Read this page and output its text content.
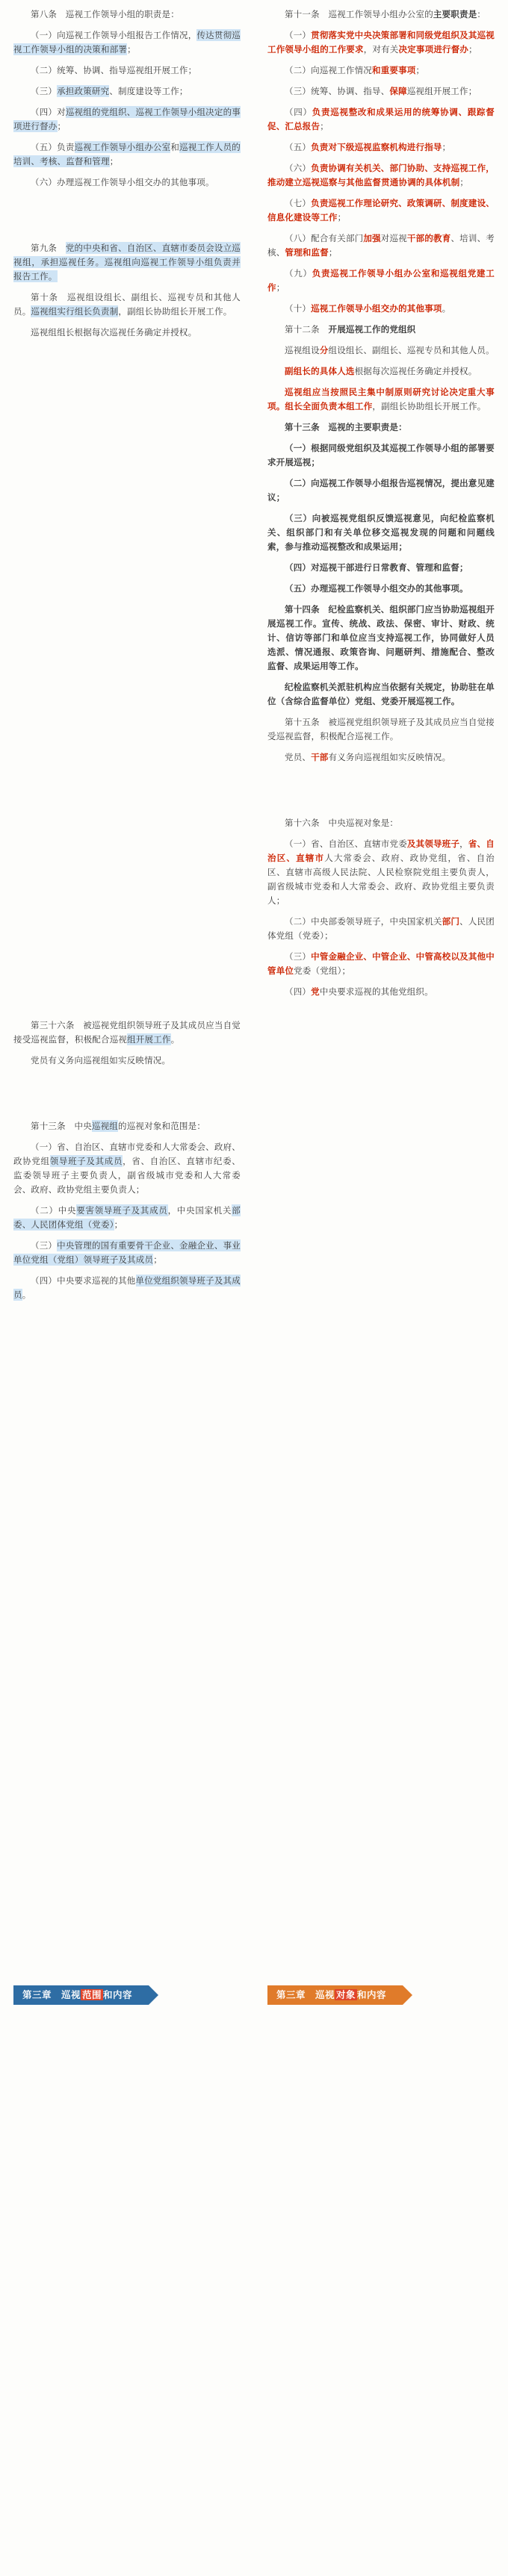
第八条　巡视工作领导小组的职责是：

（一）向巡视工作领导小组报告工作情况，传达贯彻巡视工作领导小组的决策和部署；

（二）统筹、协调、指导巡视组开展工作；

（三）承担政策研究、制度建设等工作；

（四）对巡视组的党组织、巡视工作领导小组决定的事项进行督办；

（五）负责巡视工作领导小组办公室和巡视工作人员的培训、考核、监督和管理；

（六）办理巡视工作领导小组交办的其他事项。

第九条　党的中央和省、自治区、直辖市委员会设立巡视组，承担巡视任务。巡视组向巡视工作领导小组负责并报告工作。

第十条　巡视组设组长、副组长、巡视专员和其他人员。巡视组实行组长负责制，副组长协助组长开展工作。

巡视组组长根据每次巡视任务确定并授权。

第三十六条　被巡视党组织领导班子及其成员应当自觉接受巡视监督，积极配合巡视组开展工作。

党员有义务向巡视组如实反映情况。

第十三条　中央巡视组的巡视对象和范围是：

（一）省、自治区、直辖市党委和人大常委会、政府、政协党组领导班子及其成员，省、自治区、直辖市纪委、监委领导班子主要负责人，副省级城市党委和人大常委会、政府、政协党组主要负责人；

（二）中央要害领导班子及其成员，中央国家机关部委、人民团体党组（党委）；

（三）中央管理的国有重要骨干企业、金融企业、事业单位党组（党组）领导班子及其成员；

（四）中央要求巡视的其他单位党组织领导班子及其成员。

第十一条　巡视工作领导小组办公室的主要职责是：

（一）贯彻落实党中央决策部署和同级党组织及其巡视工作领导小组的工作要求，对有关决定事项进行督办；

（二）向巡视工作情况和重要事项；

（三）统筹、协调、指导、保障巡视组开展工作；

（四）负责巡视整改和成果运用的统筹协调、跟踪督促、汇总报告；

（五）负责对下级巡视监察机构进行指导；

（六）负责协调有关机关、部门协助、支持巡视工作，推动建立巡视巡察与其他监督贯通协调的具体机制；

（七）负责巡视工作理论研究、政策调研、制度建设、信息化建设等工作；

（八）配合有关部门加强对巡视干部的教育、培训、考核、管理和监督；

（九）负责巡视工作领导小组办公室和巡视组党建工作；

（十）巡视工作领导小组交办的其他事项。

第十二条　开展巡视工作的党组织

巡视组设分组设组长、副组长、巡视专员和其他人员。

副组长的具体人选根据每次巡视任务确定并授权。

巡视组应当按照民主集中制原则研究讨论决定重大事项。组长全面负责本组工作，副组长协助组长开展工作。

第十三条　巡视的主要职责是：

（一）根据同级党组织及其巡视工作领导小组的部署要求开展巡视；

（二）向巡视工作领导小组报告巡视情况，提出意见建议；

（三）向被巡视党组织反馈巡视意见，向纪检监察机关、组织部门和有关单位移交巡视发现的问题和问题线索，参与推动巡视整改和成果运用；

（四）对巡视干部进行日常教育、管理和监督；

（五）办理巡视工作领导小组交办的其他事项。

第十四条　纪检监察机关、组织部门应当协助巡视组开展巡视工作。宣传、统战、政法、保密、审计、财政、统计、信访等部门和单位应当支持巡视工作，协同做好人员选派、情况通报、政策咨询、问题研判、措施配合、整改监督、成果运用等工作。

纪检监察机关派驻机构应当依据有关规定，协助驻在单位（含综合监督单位）党组、党委开展巡视工作。

第十五条　被巡视党组织领导班子及其成员应当自觉接受巡视监督，积极配合巡视工作。

党员、干部有义务向巡视组如实反映情况。

第十六条　中央巡视对象是：

（一）省、自治区、直辖市党委及其领导班子，省、自治区、直辖市人大常委会、政府、政协党组，省、自治区、直辖市高级人民法院、人民检察院党组主要负责人，副省级城市党委和人大常委会、政府、政协党组主要负责人；

（二）中央部委领导班子，中央国家机关部门、人民团体党组（党委）；

（三）中管金融企业、中管企业、中管高校以及其他中管单位党委（党组）；

（四）党中央要求巡视的其他党组织。

第三章　巡视 范围 和内容	第三章　巡视 对象 和内容
